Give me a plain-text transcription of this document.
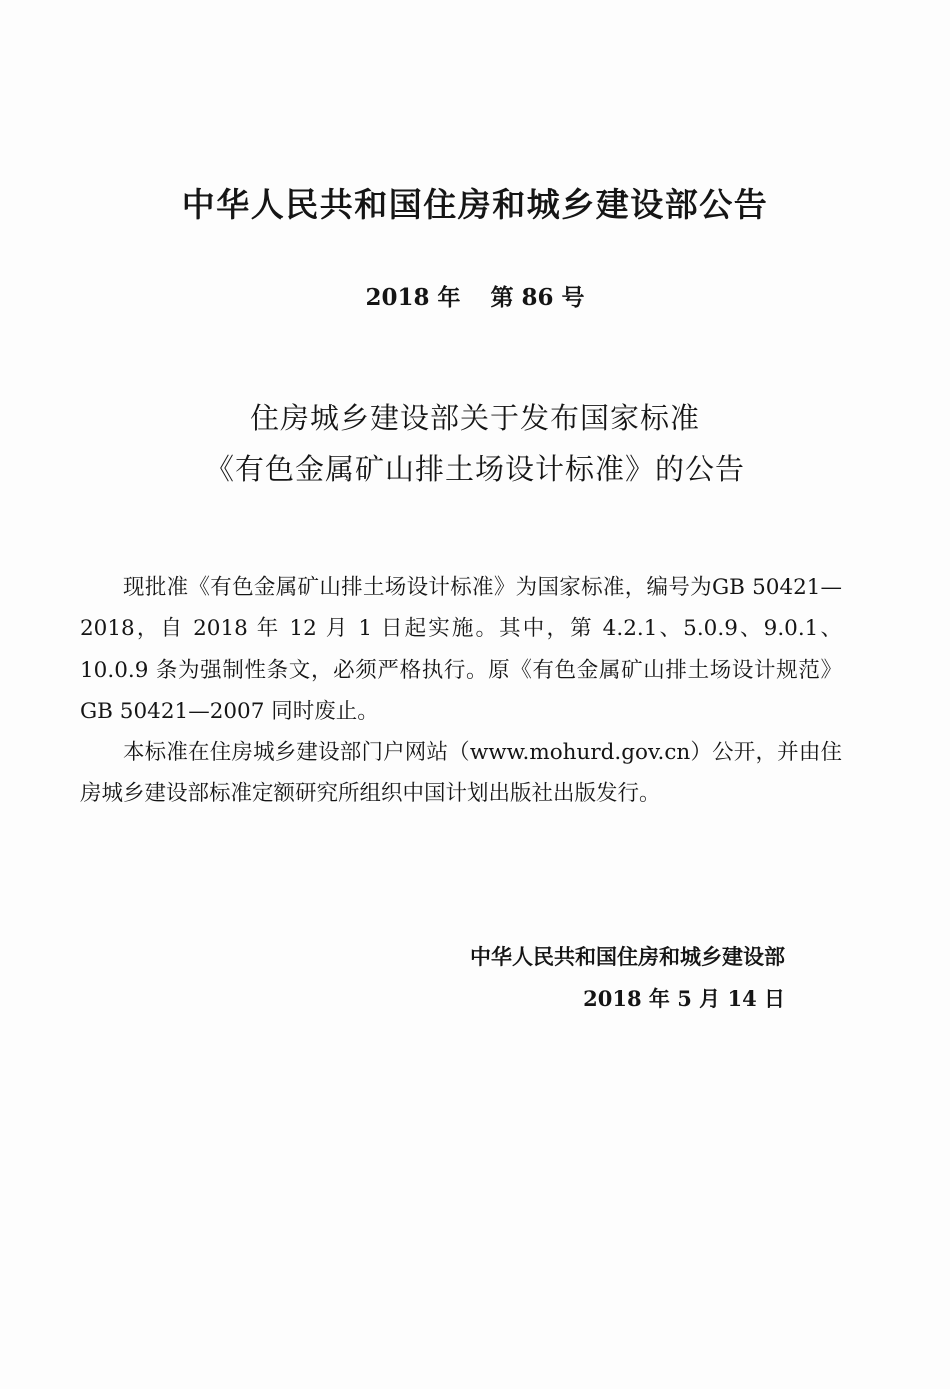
中华人民共和国住房和城乡建设部公告
2018 年 第 86 号
住房城乡建设部关于发布国家标准
《有色金属矿山排土场设计标准》的公告

现批准《有色金属矿山排土场设计标准》为国家标准，编号为GB 50421—2018，自 2018 年 12 月 1 日起实施。其中，第 4.2.1、5.0.9、9.0.1、10.0.9 条为强制性条文，必须严格执行。原《有色金属矿山排土场设计规范》GB 50421—2007 同时废止。

本标准在住房城乡建设部门户网站（www.mohurd.gov.cn）公开，并由住房城乡建设部标准定额研究所组织中国计划出版社出版发行。

中华人民共和国住房和城乡建设部
2018 年 5 月 14 日
